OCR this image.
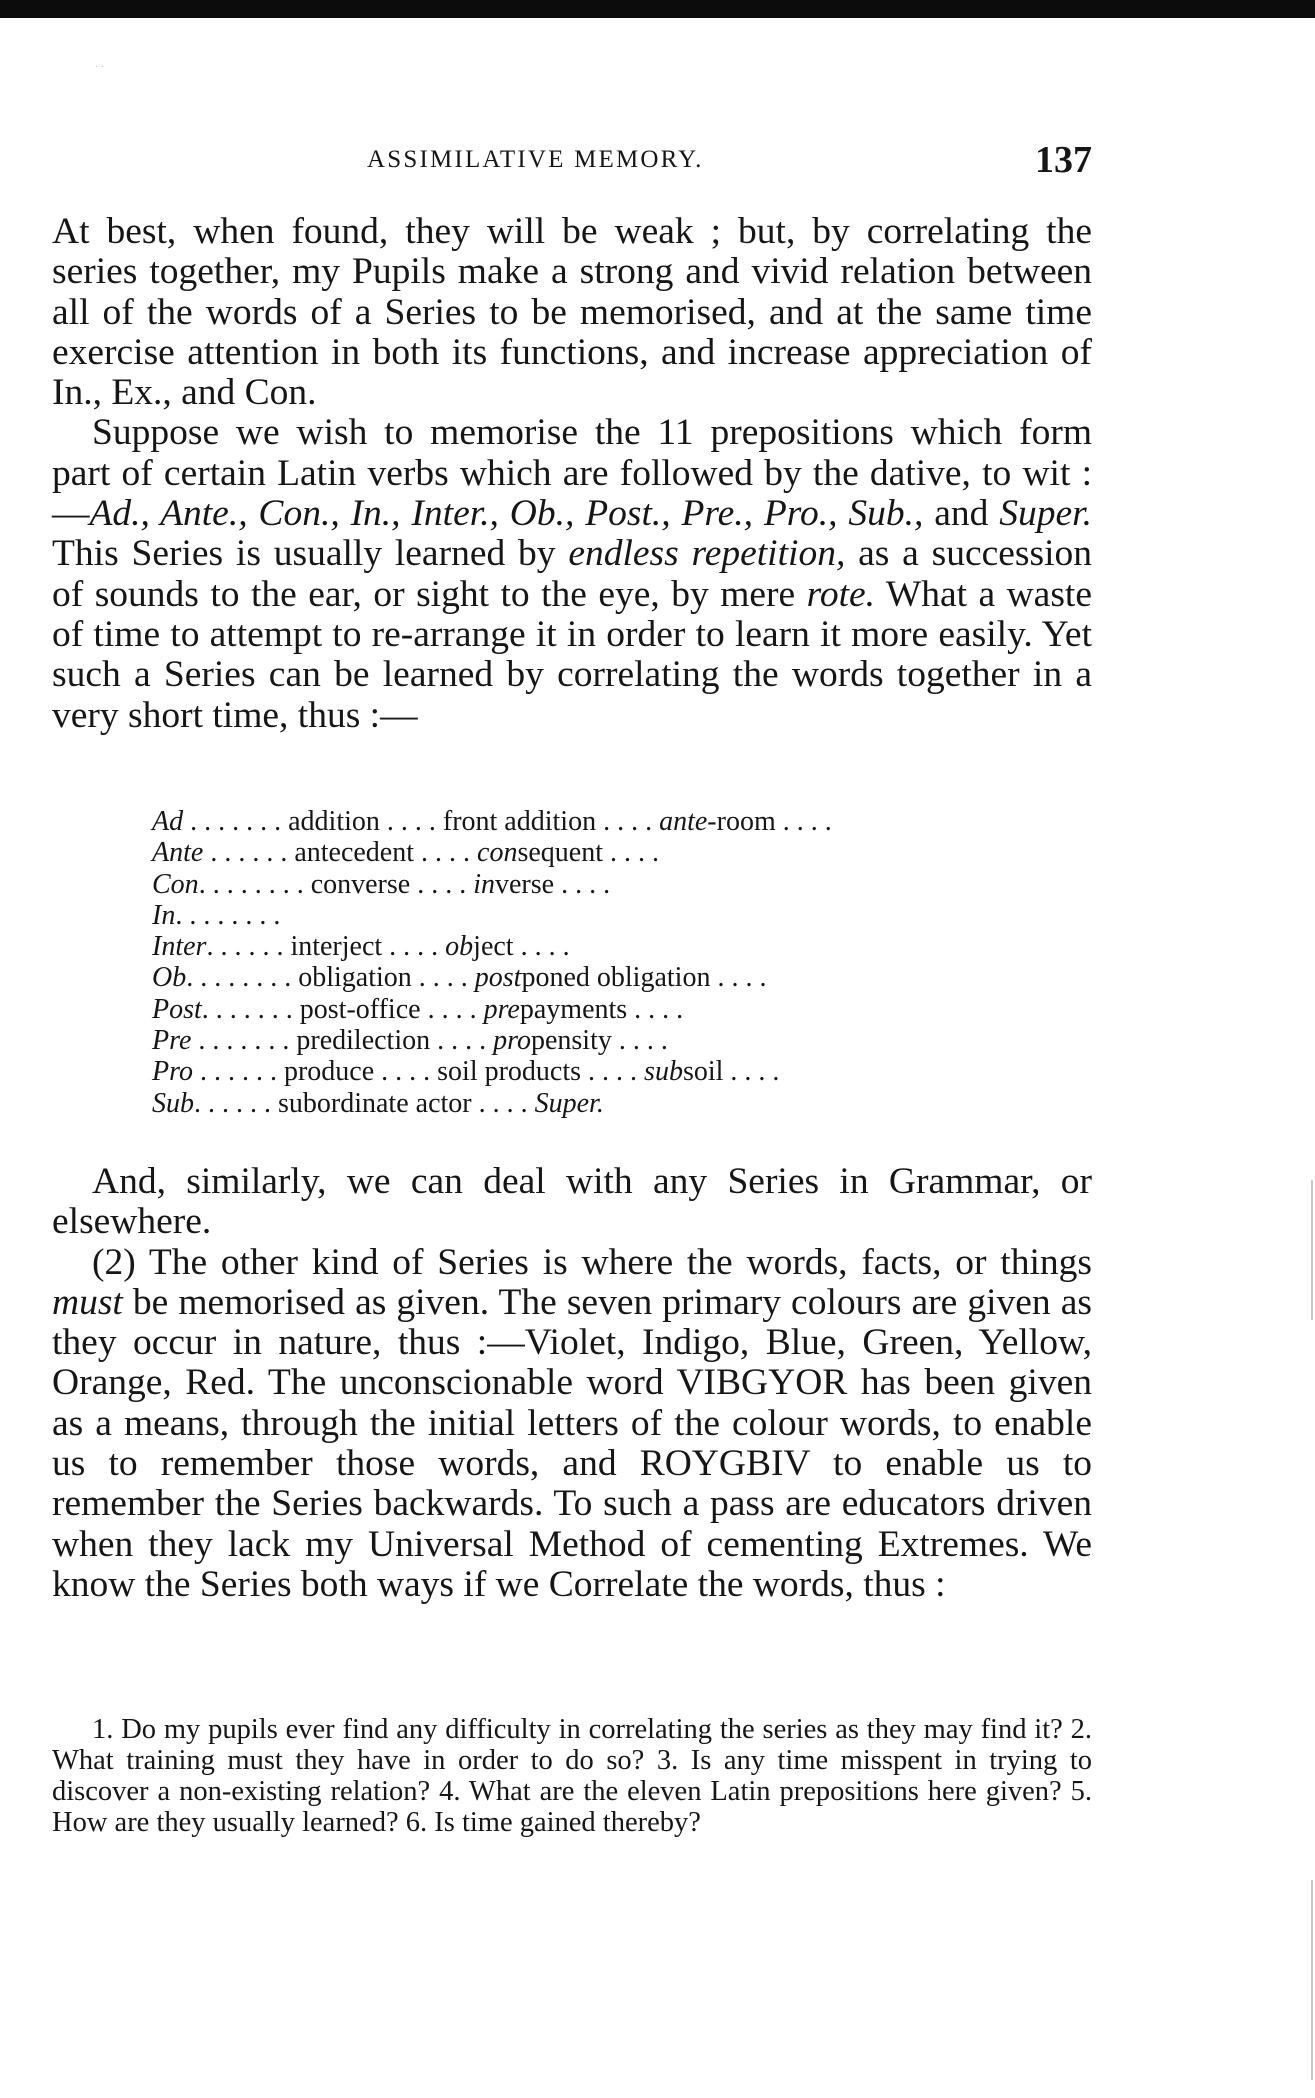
· ·
ASSIMILATIVE MEMORY.	137

At best, when found, they will be weak ; but, by correlating the series together, my Pupils make a strong and vivid relation between all of the words of a Series to be memorised, and at the same time exercise attention in both its functions, and increase appreciation of In., Ex., and Con.

Suppose we wish to memorise the 11 prepositions which form part of certain Latin verbs which are followed by the dative, to wit :—Ad., Ante., Con., In., Inter., Ob., Post., Pre., Pro., Sub., and Super. This Series is usually learned by endless repetition, as a succession of sounds to the ear, or sight to the eye, by mere rote. What a waste of time to attempt to re-arrange it in order to learn it more easily. Yet such a Series can be learned by correlating the words together in a very short time, thus :—

Ad . . . . . . . addition . . . . front addition . . . . ante-room . . . .
Ante . . . . . . antecedent . . . . consequent . . . .
Con. . . . . . . . converse . . . . inverse . . . .
In. . . . . . . .
Inter. . . . . . interject . . . . object . . . .
Ob. . . . . . . . obligation . . . . postponed obligation . . . .
Post. . . . . . . post-office . . . . prepayments . . . .
Pre . . . . . . . predilection . . . . propensity . . . .
Pro . . . . . . produce . . . . soil products . . . . subsoil . . . .
Sub. . . . . . subordinate actor . . . . Super.

And, similarly, we can deal with any Series in Grammar, or elsewhere.

(2) The other kind of Series is where the words, facts, or things must be memorised as given. The seven primary colours are given as they occur in nature, thus :—Violet, Indigo, Blue, Green, Yellow, Orange, Red. The unconscionable word VIBGYOR has been given as a means, through the initial letters of the colour words, to enable us to remember those words, and ROYGBIV to enable us to remember the Series backwards. To such a pass are educators driven when they lack my Universal Method of cementing Extremes. We know the Series both ways if we Correlate the words, thus :

1. Do my pupils ever find any difficulty in correlating the series as they may find it? 2. What training must they have in order to do so? 3. Is any time misspent in trying to discover a non-existing relation? 4. What are the eleven Latin prepositions here given? 5. How are they usually learned? 6. Is time gained thereby?
